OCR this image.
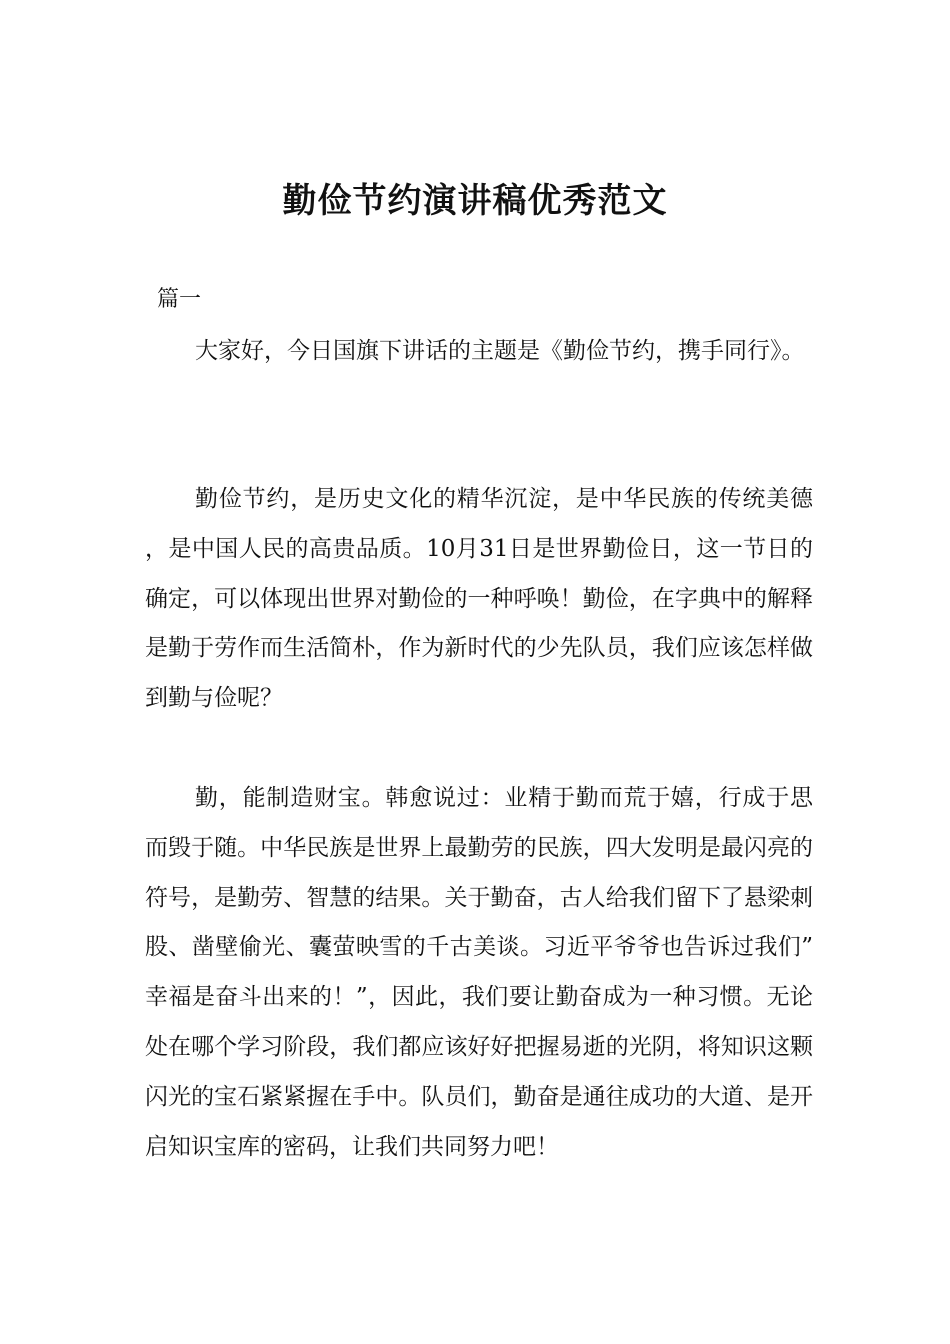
勤俭节约演讲稿优秀范文

篇一

大家好，今日国旗下讲话的主题是《勤俭节约，携手同行》。

勤俭节约，是历史文化的精华沉淀，是中华民族的传统美德，是中国人民的高贵品质。10月31日是世界勤俭日，这一节日的确定，可以体现出世界对勤俭的一种呼唤！勤俭，在字典中的解释是勤于劳作而生活简朴，作为新时代的少先队员，我们应该怎样做到勤与俭呢？

勤，能制造财宝。韩愈说过：业精于勤而荒于嬉，行成于思而毁于随。中华民族是世界上最勤劳的民族，四大发明是最闪亮的符号，是勤劳、智慧的结果。关于勤奋，古人给我们留下了悬梁刺股、凿壁偷光、囊萤映雪的千古美谈。习近平爷爷也告诉过我们”幸福是奋斗出来的！”，因此，我们要让勤奋成为一种习惯。无论处在哪个学习阶段，我们都应该好好把握易逝的光阴，将知识这颗闪光的宝石紧紧握在手中。队员们，勤奋是通往成功的大道、是开启知识宝库的密码，让我们共同努力吧！
